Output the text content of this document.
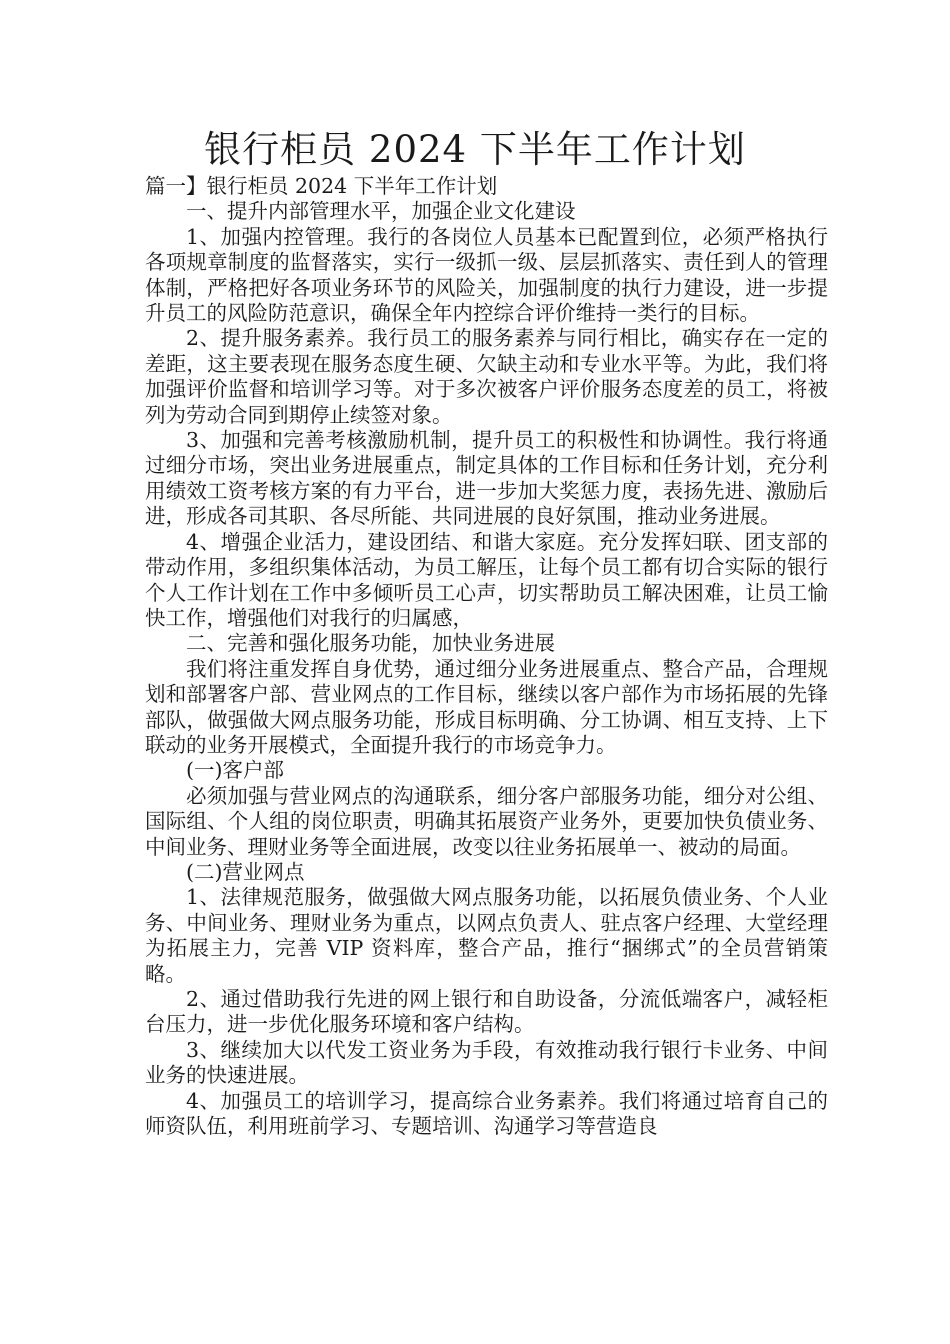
银行柜员 2024 下半年工作计划

篇一】银行柜员 2024 下半年工作计划

一、提升内部管理水平，加强企业文化建设

1、加强内控管理。我行的各岗位人员基本已配置到位，必须严格执行各项规章制度的监督落实，实行一级抓一级、层层抓落实、责任到人的管理体制，严格把好各项业务环节的风险关，加强制度的执行力建设，进一步提升员工的风险防范意识，确保全年内控综合评价维持一类行的目标。

2、提升服务素养。我行员工的服务素养与同行相比，确实存在一定的差距，这主要表现在服务态度生硬、欠缺主动和专业水平等。为此，我们将加强评价监督和培训学习等。对于多次被客户评价服务态度差的员工，将被列为劳动合同到期停止续签对象。

3、加强和完善考核激励机制，提升员工的积极性和协调性。我行将通过细分市场，突出业务进展重点，制定具体的工作目标和任务计划，充分利用绩效工资考核方案的有力平台，进一步加大奖惩力度，表扬先进、激励后进，形成各司其职、各尽所能、共同进展的良好氛围，推动业务进展。

4、增强企业活力，建设团结、和谐大家庭。充分发挥妇联、团支部的带动作用，多组织集体活动，为员工解压，让每个员工都有切合实际的银行个人工作计划在工作中多倾听员工心声，切实帮助员工解决困难，让员工愉快工作，增强他们对我行的归属感，

二、完善和强化服务功能，加快业务进展

我们将注重发挥自身优势，通过细分业务进展重点、整合产品，合理规划和部署客户部、营业网点的工作目标，继续以客户部作为市场拓展的先锋部队，做强做大网点服务功能，形成目标明确、分工协调、相互支持、上下联动的业务开展模式，全面提升我行的市场竞争力。

(一)客户部

必须加强与营业网点的沟通联系，细分客户部服务功能，细分对公组、国际组、个人组的岗位职责，明确其拓展资产业务外，更要加快负债业务、中间业务、理财业务等全面进展，改变以往业务拓展单一、被动的局面。

(二)营业网点

1、法律规范服务，做强做大网点服务功能，以拓展负债业务、个人业务、中间业务、理财业务为重点，以网点负责人、驻点客户经理、大堂经理为拓展主力，完善 VIP 资料库，整合产品，推行“捆绑式”的全员营销策略。

2、通过借助我行先进的网上银行和自助设备，分流低端客户，减轻柜台压力，进一步优化服务环境和客户结构。

3、继续加大以代发工资业务为手段，有效推动我行银行卡业务、中间业务的快速进展。

4、加强员工的培训学习，提高综合业务素养。我们将通过培育自己的师资队伍，利用班前学习、专题培训、沟通学习等营造良
